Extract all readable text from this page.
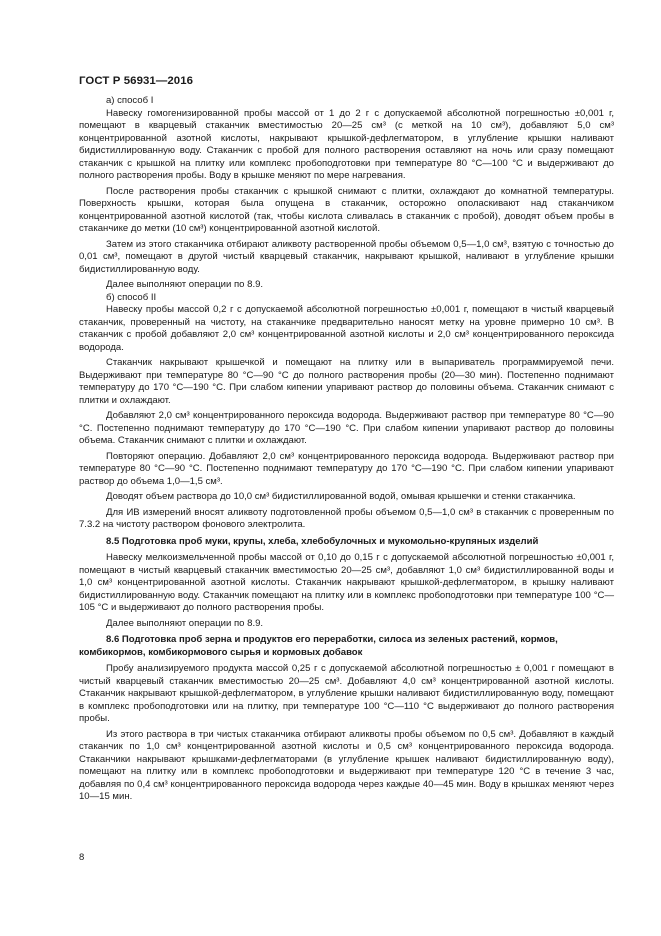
ГОСТ Р 56931—2016

а) способ I

Навеску гомогенизированной пробы массой от 1 до 2 г с допускаемой абсолютной погрешностью ±0,001 г, помещают в кварцевый стаканчик вместимостью 20—25 см³ (с меткой на 10 см³), добавляют 5,0 см³ концентрированной азотной кислоты, накрывают крышкой-дефлегматором, в углубление крышки наливают бидистиллированную воду. Стаканчик с пробой для полного растворения оставляют на ночь или сразу помещают стаканчик с крышкой на плитку или комплекс пробоподготовки при температуре 80 °С—100 °С и выдерживают до полного растворения пробы. Воду в крышке меняют по мере нагревания.

После растворения пробы стаканчик с крышкой снимают с плитки, охлаждают до комнатной температуры. Поверхность крышки, которая была опущена в стаканчик, осторожно ополаскивают над стаканчиком концентрированной азотной кислотой (так, чтобы кислота сливалась в стаканчик с пробой), доводят объем пробы в стаканчике до метки (10 см³) концентрированной азотной кислотой.

Затем из этого стаканчика отбирают аликвоту растворенной пробы объемом 0,5—1,0 см³, взятую с точностью до 0,01 см³, помещают в другой чистый кварцевый стаканчик, накрывают крышкой, наливают в углубление крышки бидистиллированную воду.

Далее выполняют операции по 8.9.

б) способ II

Навеску пробы массой 0,2 г с допускаемой абсолютной погрешностью ±0,001 г, помещают в чистый кварцевый стаканчик, проверенный на чистоту, на стаканчике предварительно наносят метку на уровне примерно 10 см³. В стаканчик с пробой добавляют 2,0 см³ концентрированной азотной кислоты и 2,0 см³ концентрированного пероксида водорода.

Стаканчик накрывают крышечкой и помещают на плитку или в выпариватель программируемой печи. Выдерживают при температуре 80 °С—90 °С до полного растворения пробы (20—30 мин). Постепенно поднимают температуру до 170 °С—190 °С. При слабом кипении упаривают раствор до половины объема. Стаканчик снимают с плитки и охлаждают.

Добавляют 2,0 см³ концентрированного пероксида водорода. Выдерживают раствор при температуре 80 °С—90 °С. Постепенно поднимают температуру до 170 °С—190 °С. При слабом кипении упаривают раствор до половины объема. Стаканчик снимают с плитки и охлаждают.

Повторяют операцию. Добавляют 2,0 см³ концентрированного пероксида водорода. Выдерживают раствор при температуре 80 °С—90 °С. Постепенно поднимают температуру до 170 °С—190 °С. При слабом кипении упаривают раствор до объема 1,0—1,5 см³.

Доводят объем раствора до 10,0 см³ бидистиллированной водой, омывая крышечки и стенки стаканчика.

Для ИВ измерений вносят аликвоту подготовленной пробы объемом 0,5—1,0 см³ в стаканчик с проверенным по 7.3.2 на чистоту раствором фонового электролита.

8.5 Подготовка проб муки, крупы, хлеба, хлебобулочных и мукомольно-крупяных изделий

Навеску мелкоизмельченной пробы массой от 0,10 до 0,15 г с допускаемой абсолютной погрешностью ±0,001 г, помещают в чистый кварцевый стаканчик вместимостью 20—25 см³, добавляют 1,0 см³ бидистиллированной воды и 1,0 см³ концентрированной азотной кислоты. Стаканчик накрывают крышкой-дефлегматором, в крышку наливают бидистиллированную воду. Стаканчик помещают на плитку или в комплекс пробоподготовки при температуре 100 °С—105 °С и выдерживают до полного растворения пробы.

Далее выполняют операции по 8.9.

8.6 Подготовка проб зерна и продуктов его переработки, силоса из зеленых растений, кормов, комбикормов, комбикормового сырья и кормовых добавок

Пробу анализируемого продукта массой 0,25 г с допускаемой абсолютной погрешностью ± 0,001 г помещают в чистый кварцевый стаканчик вместимостью 20—25 см³. Добавляют 4,0 см³ концентрированной азотной кислоты. Стаканчик накрывают крышкой-дефлегматором, в углубление крышки наливают бидистиллированную воду, помещают в комплекс пробоподготовки или на плитку, при температуре 100 °С—110 °С выдерживают до полного растворения пробы.

Из этого раствора в три чистых стаканчика отбирают аликвоты пробы объемом по 0,5 см³. Добавляют в каждый стаканчик по 1,0 см³ концентрированной азотной кислоты и 0,5 см³ концентрированного пероксида водорода. Стаканчики накрывают крышками-дефлегматорами (в углубление крышек наливают бидистиллированную воду), помещают на плитку или в комплекс пробоподготовки и выдерживают при температуре 120 °С в течение 3 час, добавляя по 0,4 см³ концентрированного пероксида водорода через каждые 40—45 мин. Воду в крышках меняют через 10—15 мин.

8
